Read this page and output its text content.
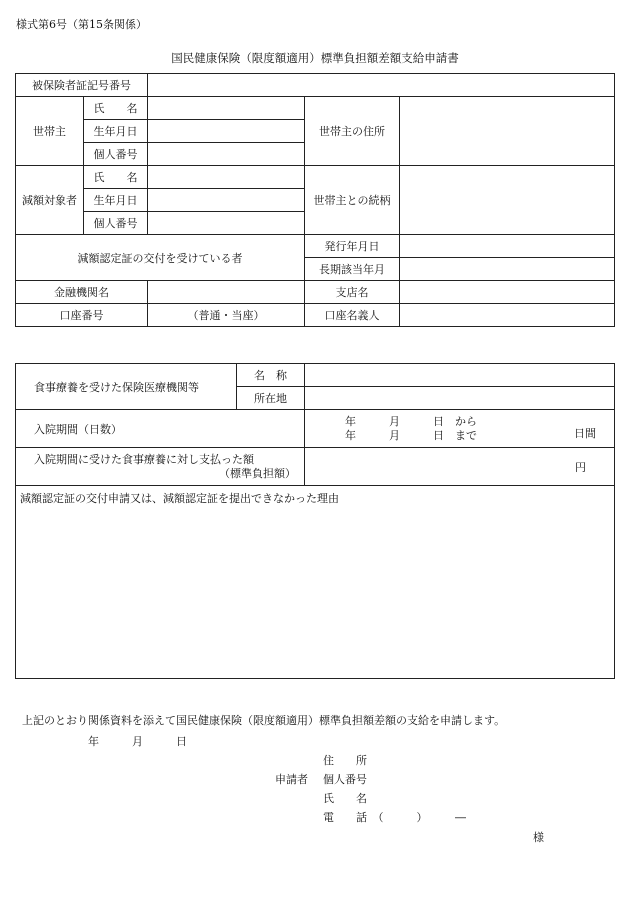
様式第6号（第15条関係）
国民健康保険（限度額適用）標準負担額差額支給申請書
被保険者証記号番号				
世帯主	氏　　名		世帯主の住所	
	生年月日			
	個人番号			
減額対象者	氏　　名		世帯主との続柄	
	生年月日			
	個人番号			
減額認定証の交付を受けている者			発行年月日	
			長期該当年月	
金融機関名			支店名	
口座番号		（普通・当座）	口座名義人	
食事療養を受けた保険医療機関等	名　称	
	所在地	
入院期間（日数）		年　　　月　　　日　から
年　　　月　　　日　まで 日間

入院期間に受けた食事療養に対し支払った額
（標準負担額）		円
減額認定証の交付申請又は、減額認定証を提出できなかった理由		
上記のとおり関係資料を添えて国民健康保険（限度額適用）標準負担額差額の支給を申請します。
年　　　月　　　日
住　　所
申請者 個人番号
氏　　名
電　　話　（　　　）　　　―
様
